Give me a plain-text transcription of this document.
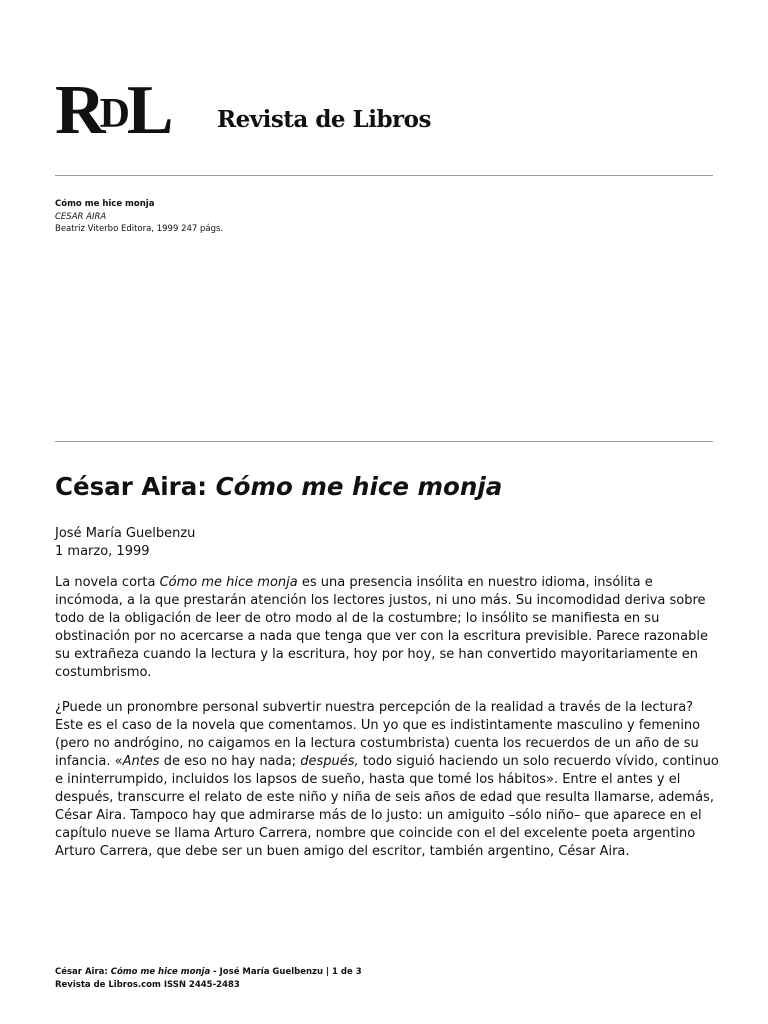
RDL Revista de Libros
Cómo me hice monja
CESAR AIRA
Beatriz Viterbo Editora, 1999 247 págs.
César Aira: Cómo me hice monja
José María Guelbenzu
1 marzo, 1999

La novela corta Cómo me hice monja es una presencia insólita en nuestro idioma, insólita e incómoda, a la que prestarán atención los lectores justos, ni uno más. Su incomodidad deriva sobre todo de la obligación de leer de otro modo al de la costumbre; lo insólito se manifiesta en su obstinación por no acercarse a nada que tenga que ver con la escritura previsible. Parece razonable su extrañeza cuando la lectura y la escritura, hoy por hoy, se han convertido mayoritariamente en costumbrismo.

¿Puede un pronombre personal subvertir nuestra percepción de la realidad a través de la lectura? Este es el caso de la novela que comentamos. Un yo que es indistintamente masculino y femenino (pero no andrógino, no caigamos en la lectura costumbrista) cuenta los recuerdos de un año de su infancia. «Antes de eso no hay nada; después, todo siguió haciendo un solo recuerdo vívido, continuo e ininterrumpido, incluidos los lapsos de sueño, hasta que tomé los hábitos». Entre el antes y el después, transcurre el relato de este niño y niña de seis años de edad que resulta llamarse, además, César Aira. Tampoco hay que admirarse más de lo justo: un amiguito –sólo niño– que aparece en el capítulo nueve se llama Arturo Carrera, nombre que coincide con el del excelente poeta argentino Arturo Carrera, que debe ser un buen amigo del escritor, también argentino, César Aira.

César Aira: Cómo me hice monja - José María Guelbenzu | 1 de 3
Revista de Libros.com ISSN 2445-2483
